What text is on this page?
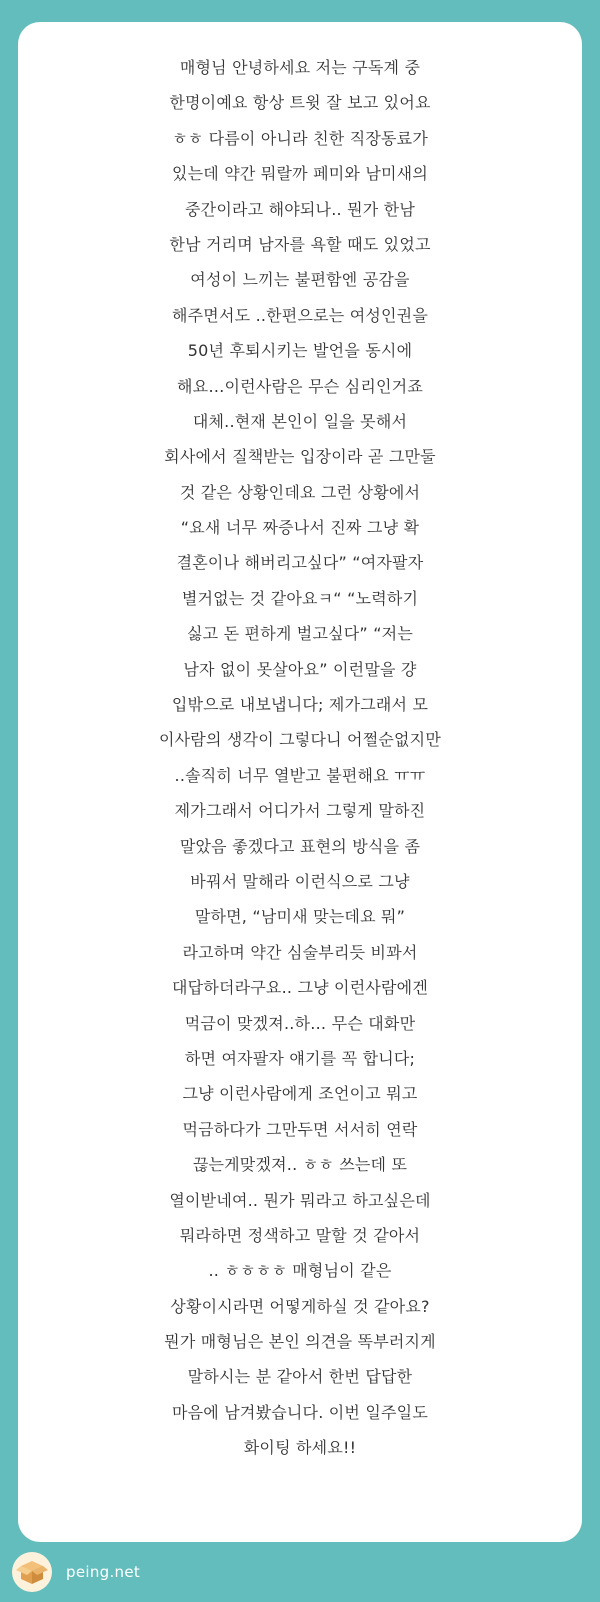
매형님 안녕하세요 저는 구독계 중
한명이예요 항상 트윗 잘 보고 있어요
ㅎㅎ 다름이 아니라 친한 직장동료가
있는데 약간 뭐랄까 페미와 남미새의
중간이라고 해야되나.. 뭔가 한남
한남 거리며 남자를 욕할 때도 있었고
여성이 느끼는 불편함엔 공감을
해주면서도 ..한편으로는 여성인권을
50년 후퇴시키는 발언을 동시에
해요…이런사람은 무슨 심리인거죠
대체..현재 본인이 일을 못해서
회사에서 질책받는 입장이라 곧 그만둘
것 같은 상황인데요 그런 상황에서
“요새 너무 짜증나서 진짜 그냥 확
결혼이나 해버리고싶다” “여자팔자
별거없는 것 같아요ㅋ“ “노력하기
싫고 돈 편하게 벌고싶다” “저는
남자 없이 못살아요” 이런말을 걍
입밖으로 내보냅니다; 제가그래서 모
이사람의 생각이 그렇다니 어쩔순없지만
..솔직히 너무 열받고 불편해요 ㅠㅠ
제가그래서 어디가서 그렇게 말하진
말았음 좋겠다고 표현의 방식을 좀
바꿔서 말해라 이런식으로 그냥
말하면, “남미새 맞는데요 뭐”
라고하며 약간 심술부리듯 비꽈서
대답하더라구요.. 그냥 이런사람에겐
먹금이 맞겠져..하… 무슨 대화만
하면 여자팔자 얘기를 꼭 합니다;
그냥 이런사람에게 조언이고 뭐고
먹금하다가 그만두면 서서히 연락
끊는게맞겠져.. ㅎㅎ 쓰는데 또
열이받네여.. 뭔가 뭐라고 하고싶은데
뭐라하면 정색하고 말할 것 같아서
.. ㅎㅎㅎㅎ 매형님이 같은
상황이시라면 어떻게하실 것 같아요?
뭔가 매형님은 본인 의견을 똑부러지게
말하시는 분 같아서 한번 답답한
마음에 남겨봤습니다. 이번 일주일도
화이팅 하세요!!
peing.net
